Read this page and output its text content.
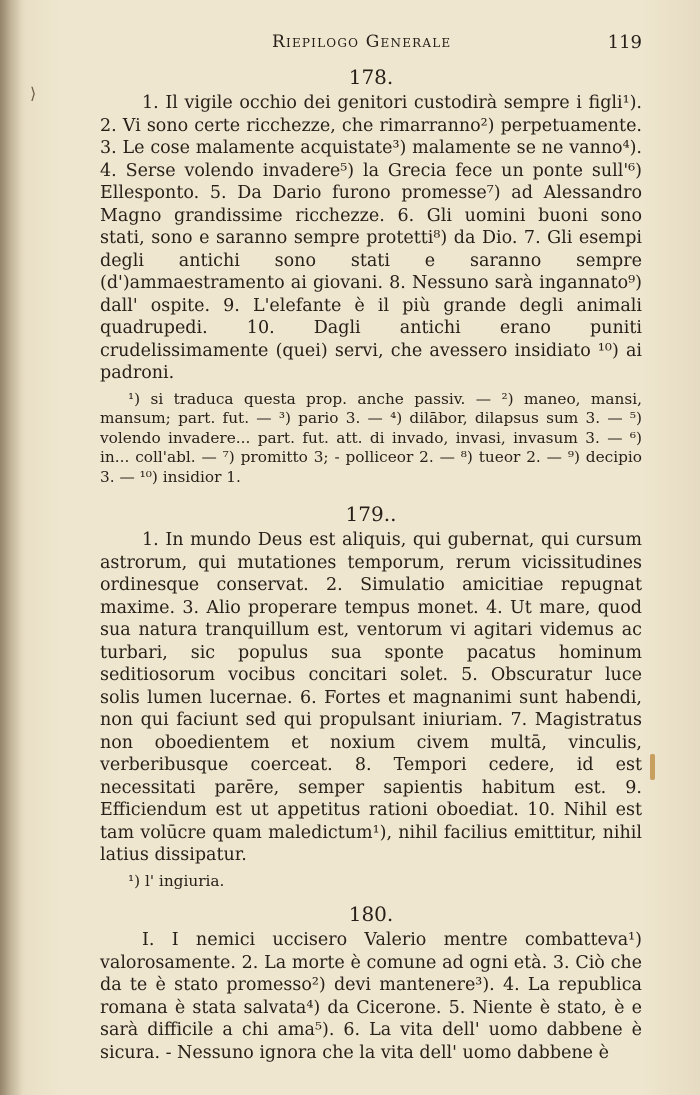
⟩
Riepilogo Generale	119
178.

1. Il vigile occhio dei genitori custodirà sempre i figli¹). 2. Vi sono certe ricchezze, che rimarranno²) perpetuamente. 3. Le cose malamente acquistate³) malamente se ne vanno⁴). 4. Serse volendo invadere⁵) la Grecia fece un ponte sull'⁶) Ellesponto. 5. Da Dario furono promesse⁷) ad Alessandro Magno grandissime ricchezze. 6. Gli uomini buoni sono stati, sono e saranno sempre protetti⁸) da Dio. 7. Gli esempi degli antichi sono stati e saranno sempre (d')ammaestramento ai giovani. 8. Nessuno sarà ingannato⁹) dall' ospite. 9. L'elefante è il più grande degli animali quadrupedi. 10. Dagli antichi erano puniti crudelissimamente (quei) servi, che avessero insidiato ¹⁰) ai padroni.

¹) si traduca questa prop. anche passiv. — ²) maneo, mansi, mansum; part. fut. — ³) pario 3. — ⁴) dilābor, dilapsus sum 3. — ⁵) volendo invadere... part. fut. att. di invado, invasi, invasum 3. — ⁶) in... coll'abl. — ⁷) promitto 3; - polliceor 2. — ⁸) tueor 2. — ⁹) decipio 3. — ¹⁰) insidior 1.

179..

1. In mundo Deus est aliquis, qui gubernat, qui cursum astrorum, qui mutationes temporum, rerum vicissitudines ordinesque conservat. 2. Simulatio amicitiae repugnat maxime. 3. Alio properare tempus monet. 4. Ut mare, quod sua natura tranquillum est, ventorum vi agitari videmus ac turbari, sic populus sua sponte pacatus hominum seditiosorum vocibus concitari solet. 5. Obscuratur luce solis lumen lucernae. 6. Fortes et magnanimi sunt habendi, non qui faciunt sed qui propulsant iniuriam. 7. Magistratus non oboedientem et noxium civem multā, vinculis, verberibusque coerceat. 8. Tempori cedere, id est necessitati parēre, semper sapientis habitum est. 9. Efficiendum est ut appetitus rationi oboediat. 10. Nihil est tam volūcre quam maledictum¹), nihil facilius emittitur, nihil latius dissipatur.

¹) l' ingiuria.

180.

I. I nemici uccisero Valerio mentre combatteva¹) valorosamente. 2. La morte è comune ad ogni età. 3. Ciò che da te è stato promesso²) devi mantenere³). 4. La republica romana è stata salvata⁴) da Cicerone. 5. Niente è stato, è e sarà difficile a chi ama⁵). 6. La vita dell' uomo dabbene è sicura. - Nessuno ignora che la vita dell' uomo dabbene è
